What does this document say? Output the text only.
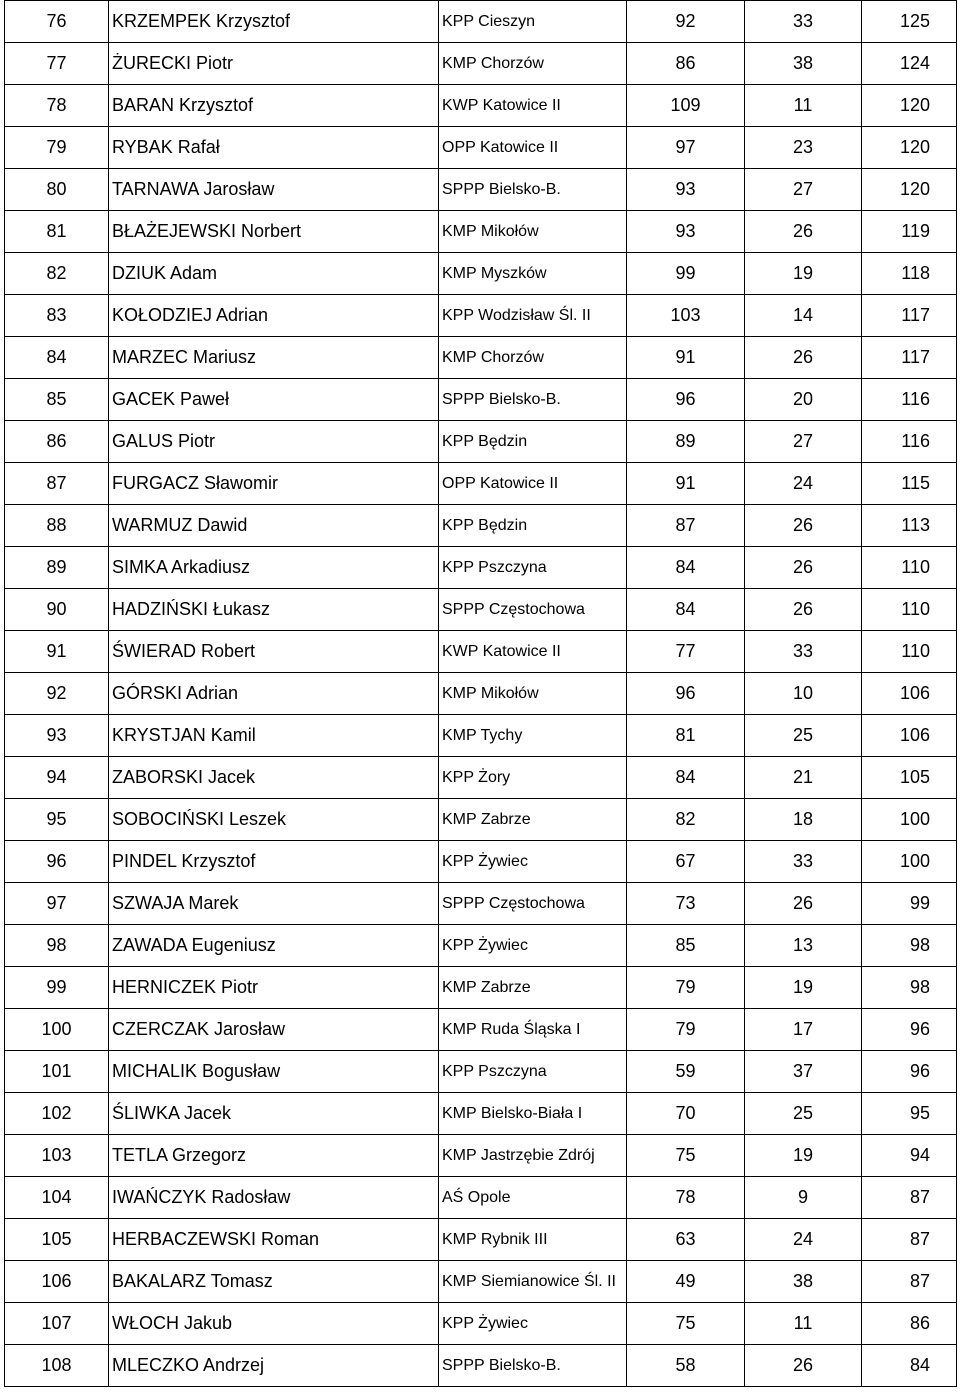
76	KRZEMPEK Krzysztof	KPP Cieszyn	92	33	125
77	ŻURECKI Piotr	KMP Chorzów	86	38	124
78	BARAN Krzysztof	KWP Katowice II	109	11	120
79	RYBAK Rafał	OPP Katowice II	97	23	120
80	TARNAWA Jarosław	SPPP Bielsko-B.	93	27	120
81	BŁAŻEJEWSKI Norbert	KMP Mikołów	93	26	119
82	DZIUK Adam	KMP Myszków	99	19	118
83	KOŁODZIEJ Adrian	KPP Wodzisław Śl. II	103	14	117
84	MARZEC Mariusz	KMP Chorzów	91	26	117
85	GACEK Paweł	SPPP Bielsko-B.	96	20	116
86	GALUS Piotr	KPP Będzin	89	27	116
87	FURGACZ Sławomir	OPP Katowice II	91	24	115
88	WARMUZ Dawid	KPP Będzin	87	26	113
89	SIMKA Arkadiusz	KPP Pszczyna	84	26	110
90	HADZIŃSKI Łukasz	SPPP Częstochowa	84	26	110
91	ŚWIERAD Robert	KWP Katowice II	77	33	110
92	GÓRSKI Adrian	KMP Mikołów	96	10	106
93	KRYSTJAN Kamil	KMP Tychy	81	25	106
94	ZABORSKI Jacek	KPP Żory	84	21	105
95	SOBOCIŃSKI Leszek	KMP Zabrze	82	18	100
96	PINDEL Krzysztof	KPP Żywiec	67	33	100
97	SZWAJA Marek	SPPP Częstochowa	73	26	99
98	ZAWADA Eugeniusz	KPP Żywiec	85	13	98
99	HERNICZEK Piotr	KMP Zabrze	79	19	98
100	CZERCZAK Jarosław	KMP Ruda Śląska I	79	17	96
101	MICHALIK Bogusław	KPP Pszczyna	59	37	96
102	ŚLIWKA Jacek	KMP Bielsko-Biała I	70	25	95
103	TETLA Grzegorz	KMP Jastrzębie Zdrój	75	19	94
104	IWAŃCZYK Radosław	AŚ Opole	78	9	87
105	HERBACZEWSKI Roman	KMP Rybnik III	63	24	87
106	BAKALARZ Tomasz	KMP Siemianowice Śl. II	49	38	87
107	WŁOCH Jakub	KPP Żywiec	75	11	86
108	MLECZKO Andrzej	SPPP Bielsko-B.	58	26	84
